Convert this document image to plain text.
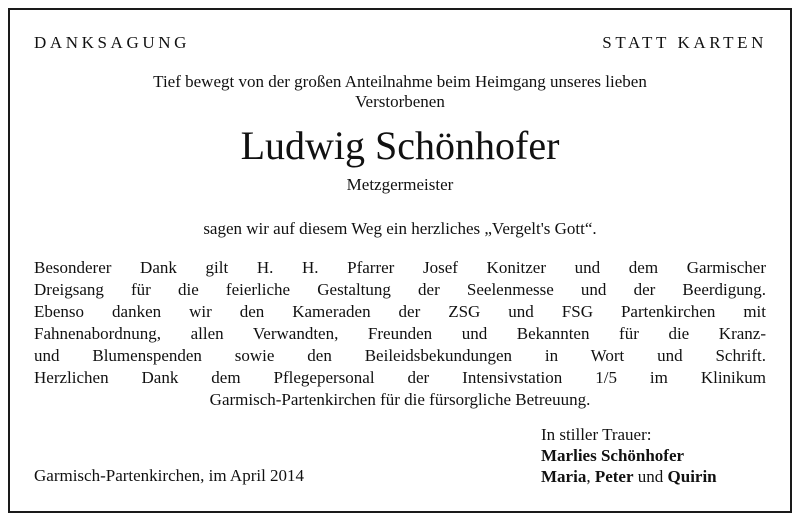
DANKSAGUNG	STATT KARTEN
Tief bewegt von der großen Anteilnahme beim Heimgang unseres lieben
Verstorbenen
Ludwig Schönhofer
Metzgermeister
sagen wir auf diesem Weg ein herzliches „Vergelt's Gott“.
Besonderer Dank gilt H. H. Pfarrer Josef Konitzer und dem Garmischer
Dreigsang für die feierliche Gestaltung der Seelenmesse und der Beerdigung.
Ebenso danken wir den Kameraden der ZSG und FSG Partenkirchen mit
Fahnenabordnung, allen Verwandten, Freunden und Bekannten für die Kranz-
und Blumenspenden sowie den Beileidsbekundungen in Wort und Schrift.
Herzlichen Dank dem Pflegepersonal der Intensivstation 1/5 im Klinikum
Garmisch-Partenkirchen für die fürsorgliche Betreuung.
In stiller Trauer:
Marlies Schönhofer
Maria, Peter und Quirin
Garmisch-Partenkirchen, im April 2014
